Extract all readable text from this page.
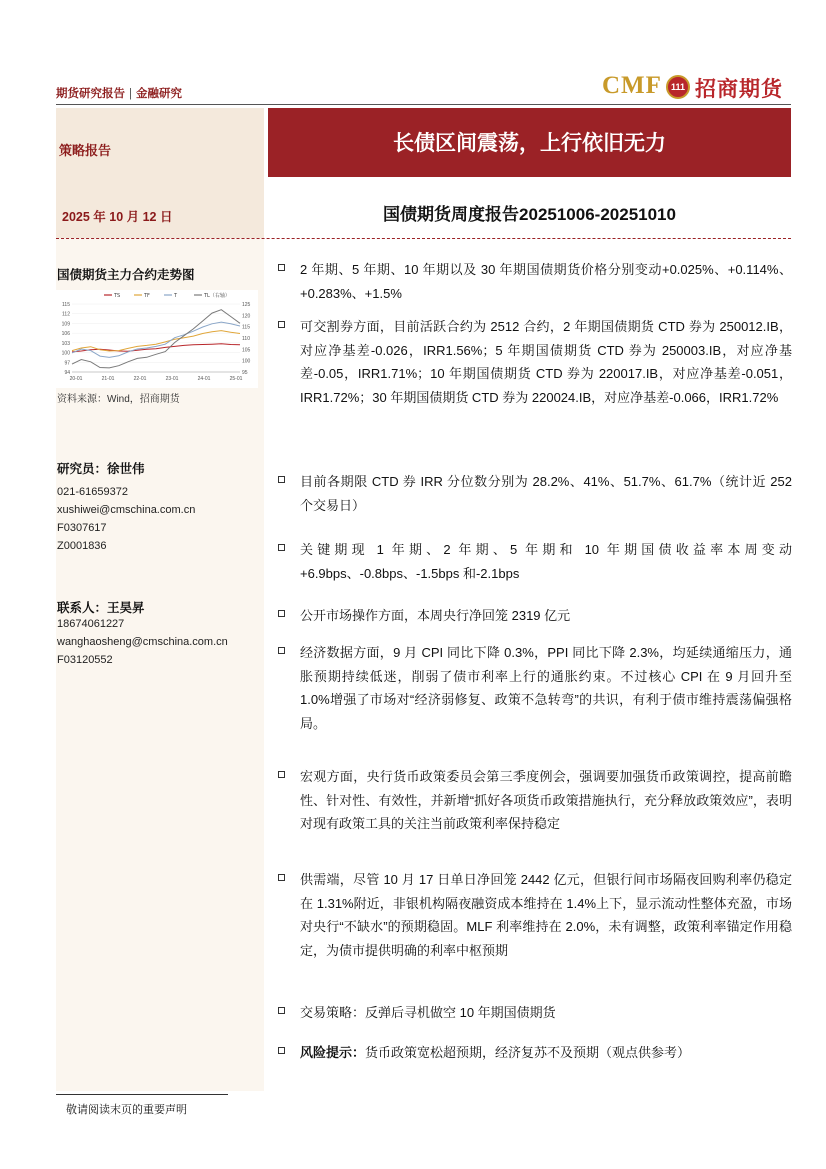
期货研究报告 | 金融研究	CMF	111 招商期货
策略报告
2025 年 10 月 12 日
长债区间震荡，上行依旧无力
国债期货周度报告20251006-20251010
国债期货主力合约走势图
TS	TF	T	TL（右轴）
115
112
109
106
103
100
97
94
125
120
115
110
105
100
95
20-01	21-01	22-01	23-01	24-01	25-01
资料来源：Wind，招商期货
研究员：徐世伟
021-61659372
xushiwei@cmschina.com.cn
F0307617
Z0001836
联系人：王昊昇
18674061227
wanghaosheng@cmschina.com.cn
F03120552
2 年期、5 年期、10 年期以及 30 年期国债期货价格分别变动+0.025%、+0.114%、+0.283%、+1.5%
可交割券方面，目前活跃合约为 2512 合约，2 年期国债期货 CTD 券为 250012.IB，对应净基差-0.026，IRR1.56%；5 年期国债期货 CTD 券为 250003.IB，对应净基差-0.05，IRR1.71%；10 年期国债期货 CTD 券为 220017.IB，对应净基差-0.051，IRR1.72%；30 年期国债期货 CTD 券为 220024.IB，对应净基差-0.066，IRR1.72%
目前各期限 CTD 券 IRR 分位数分别为 28.2%、41%、51.7%、61.7%（统计近 252 个交易日）
关键期现 1 年期、2 年期、5 年期和 10 年期国债收益率本周变动+6.9bps、-0.8bps、-1.5bps 和-2.1bps
公开市场操作方面，本周央行净回笼 2319 亿元
经济数据方面，9 月 CPI 同比下降 0.3%，PPI 同比下降 2.3%，均延续通缩压力，通胀预期持续低迷，削弱了债市利率上行的通胀约束。不过核心 CPI 在 9 月回升至 1.0%增强了市场对“经济弱修复、政策不急转弯”的共识，有利于债市维持震荡偏强格局。
宏观方面，央行货币政策委员会第三季度例会，强调要加强货币政策调控，提高前瞻性、针对性、有效性，并新增“抓好各项货币政策措施执行，充分释放政策效应”，表明对现有政策工具的关注当前政策利率保持稳定
供需端，尽管 10 月 17 日单日净回笼 2442 亿元，但银行间市场隔夜回购利率仍稳定在 1.31%附近，非银机构隔夜融资成本维持在 1.4%上下，显示流动性整体充盈，市场对央行“不缺水”的预期稳固。MLF 利率维持在 2.0%，未有调整，政策利率锚定作用稳定，为债市提供明确的利率中枢预期
交易策略：反弹后寻机做空 10 年期国债期货
风险提示：货币政策宽松超预期，经济复苏不及预期（观点供参考）
敬请阅读末页的重要声明
